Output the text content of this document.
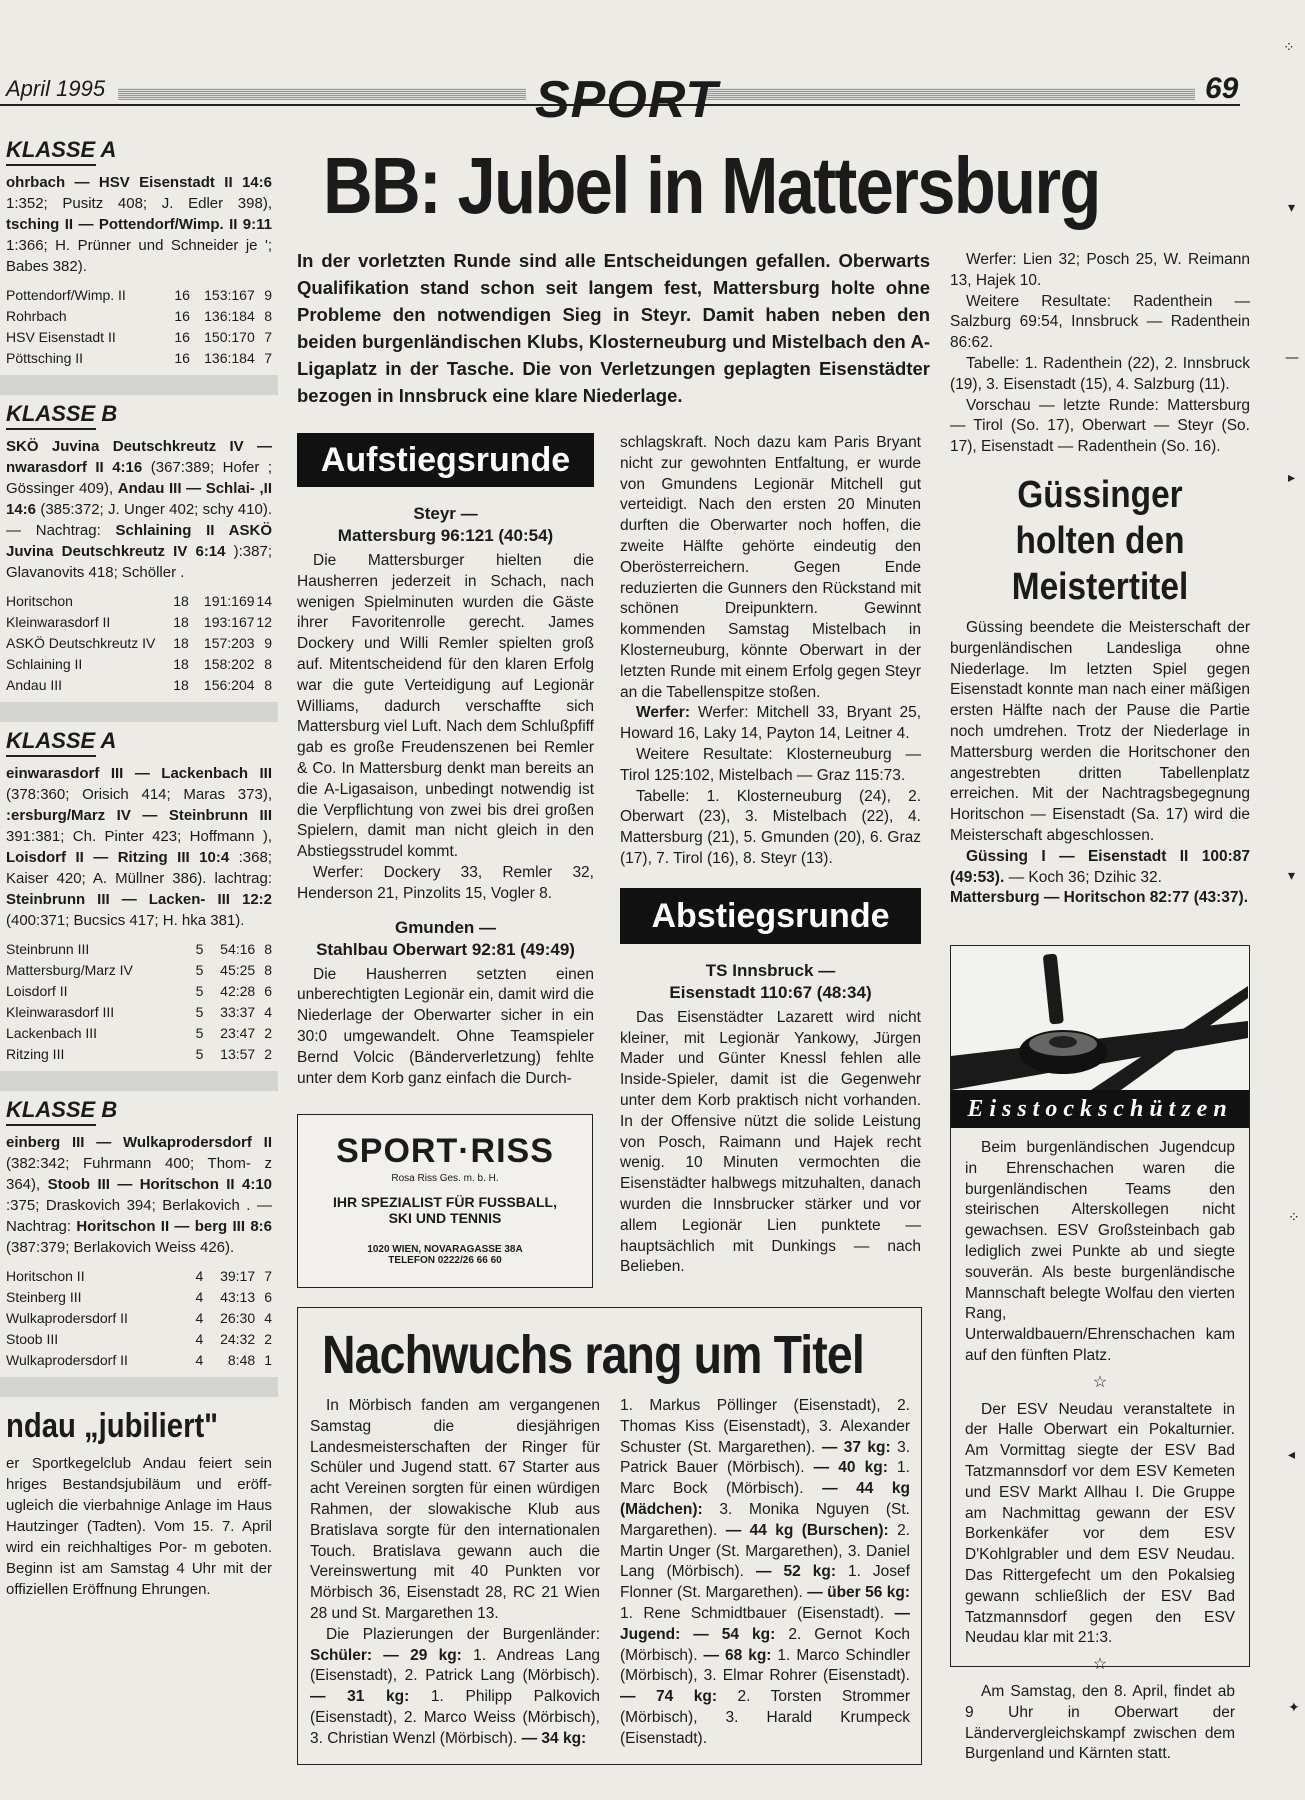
April 1995	SPORT	69
KLASSE A
ohrbach — HSV Eisenstadt II 14:6 1:352; Pusitz 408; J. Edler 398), tsching II — Pottendorf/Wimp. II 9:11 1:366; H. Prünner und Schneider je '; Babes 382).
Pottendorf/Wimp. II	16	153:167	9
Rohrbach	16	136:184	8
HSV Eisenstadt II	16	150:170	7
Pöttsching II	16	136:184	7
KLASSE B
SKÖ Juvina Deutschkreutz IV — nwarasdorf II 4:16 (367:389; Hofer ; Gössinger 409), Andau III — Schlai- ,II 14:6 (385:372; J. Unger 402; schy 410). — Nachtrag: Schlaining II ASKÖ Juvina Deutschkreutz IV 6:14 ):387; Glavanovits 418; Schöller .
Horitschon	18	191:169	14
Kleinwarasdorf II	18	193:167	12
ASKÖ Deutschkreutz IV	18	157:203	9
Schlaining II	18	158:202	8
Andau III	18	156:204	8
KLASSE A
einwarasdorf III — Lackenbach III (378:360; Orisich 414; Maras 373), :ersburg/Marz IV — Steinbrunn III 391:381; Ch. Pinter 423; Hoffmann ), Loisdorf II — Ritzing III 10:4 :368; Kaiser 420; A. Müllner 386). lachtrag: Steinbrunn III — Lacken- III 12:2 (400:371; Bucsics 417; H. hka 381).
Steinbrunn III	5	54:16	8
Mattersburg/Marz IV	5	45:25	8
Loisdorf II	5	42:28	6
Kleinwarasdorf III	5	33:37	4
Lackenbach III	5	23:47	2
Ritzing III	5	13:57	2
KLASSE B
einberg III — Wulkaprodersdorf II (382:342; Fuhrmann 400; Thom- z 364), Stoob III — Horitschon II 4:10 :375; Draskovich 394; Berlakovich . — Nachtrag: Horitschon II — berg III 8:6 (387:379; Berlakovich Weiss 426).
Horitschon II	4	39:17	7
Steinberg III	4	43:13	6
Wulkaprodersdorf II	4	26:30	4
Stoob III	4	24:32	2
Wulkaprodersdorf II	4	8:48	1
ndau „jubiliert"
er Sportkegelclub Andau feiert sein hriges Bestandsjubiläum und eröff- ugleich die vierbahnige Anlage im Haus Hautzinger (Tadten). Vom 15. 7. April wird ein reichhaltiges Por- m geboten. Beginn ist am Samstag 4 Uhr mit der offiziellen Eröffnung Ehrungen.
BB: Jubel in Mattersburg
In der vorletzten Runde sind alle Entscheidungen gefallen. Oberwarts Qualifikation stand schon seit langem fest, Mattersburg holte ohne Probleme den notwendigen Sieg in Steyr. Damit haben neben den beiden burgenländischen Klubs, Klosterneuburg und Mistelbach den A-Ligaplatz in der Tasche. Die von Verletzungen geplagten Eisenstädter bezogen in Innsbruck eine klare Niederlage.
Aufstiegsrunde
Steyr —
Mattersburg 96:121 (40:54)

Die Mattersburger hielten die Hausherren jederzeit in Schach, nach wenigen Spielminuten wurden die Gäste ihrer Favoritenrolle gerecht. James Dockery und Willi Remler spielten groß auf. Mitentscheidend für den klaren Erfolg war die gute Verteidigung auf Legionär Williams, dadurch verschaffte sich Mattersburg viel Luft. Nach dem Schlußpfiff gab es große Freudenszenen bei Remler & Co. In Mattersburg denkt man bereits an die A-Ligasaison, unbedingt notwendig ist die Verpflichtung von zwei bis drei großen Spielern, damit man nicht gleich in den Abstiegsstrudel kommt.

Werfer: Dockery 33, Remler 32, Henderson 21, Pinzolits 15, Vogler 8.

Gmunden —
Stahlbau Oberwart 92:81 (49:49)

Die Hausherren setzten einen unberechtigten Legionär ein, damit wird die Niederlage der Oberwarter sicher in ein 30:0 umgewandelt. Ohne Teamspieler Bernd Volcic (Bänderverletzung) fehlte unter dem Korb ganz einfach die Durch-

SPORT·RISS
Rosa Riss Ges. m. b. H.
IHR SPEZIALIST FÜR FUSSBALL,
SKI UND TENNIS
1020 WIEN, NOVARAGASSE 38A
TELEFON 0222/26 66 60

schlagskraft. Noch dazu kam Paris Bryant nicht zur gewohnten Entfaltung, er wurde von Gmundens Legionär Mitchell gut verteidigt. Nach den ersten 20 Minuten durften die Oberwarter noch hoffen, die zweite Hälfte gehörte eindeutig den Oberösterreichern. Gegen Ende reduzierten die Gunners den Rückstand mit schönen Dreipunktern. Gewinnt kommenden Samstag Mistelbach in Klosterneuburg, könnte Oberwart in der letzten Runde mit einem Erfolg gegen Steyr an die Tabellenspitze stoßen.

Werfer: Werfer: Mitchell 33, Bryant 25, Howard 16, Laky 14, Payton 14, Leitner 4.

Weitere Resultate: Klosterneuburg — Tirol 125:102, Mistelbach — Graz 115:73.

Tabelle: 1. Klosterneuburg (24), 2. Oberwart (23), 3. Mistelbach (22), 4. Mattersburg (21), 5. Gmunden (20), 6. Graz (17), 7. Tirol (16), 8. Steyr (13).

Abstiegsrunde
TS Innsbruck —
Eisenstadt 110:67 (48:34)

Das Eisenstädter Lazarett wird nicht kleiner, mit Legionär Yankowy, Jürgen Mader und Günter Knessl fehlen alle Inside-Spieler, damit ist die Gegenwehr unter dem Korb praktisch nicht vorhanden. In der Offensive nützt die solide Leistung von Posch, Raimann und Hajek recht wenig. 10 Minuten vermochten die Eisenstädter halbwegs mitzuhalten, danach wurden die Innsbrucker stärker und vor allem Legionär Lien punktete — hauptsächlich mit Dunkings — nach Belieben.

Werfer: Lien 32; Posch 25, W. Reimann 13, Hajek 10.

Weitere Resultate: Radenthein — Salzburg 69:54, Innsbruck — Radenthein 86:62.

Tabelle: 1. Radenthein (22), 2. Innsbruck (19), 3. Eisenstadt (15), 4. Salzburg (11).

Vorschau — letzte Runde: Mattersburg — Tirol (So. 17), Oberwart — Steyr (So. 17), Eisenstadt — Radenthein (So. 16).

Güssinger holten den Meistertitel

Güssing beendete die Meisterschaft der burgenländischen Landesliga ohne Niederlage. Im letzten Spiel gegen Eisenstadt konnte man nach einer mäßigen ersten Hälfte nach der Pause die Partie noch umdrehen. Trotz der Niederlage in Mattersburg werden die Horitschoner den angestrebten dritten Tabellenplatz erreichen. Mit der Nachtragsbegegnung Horitschon — Eisenstadt (Sa. 17) wird die Meisterschaft abgeschlossen.

Güssing I — Eisenstadt II 100:87 (49:53). — Koch 36; Dzihic 32.

Mattersburg — Horitschon 82:77 (43:37).

Eisstockschützen

Beim burgenländischen Jugendcup in Ehrenschachen waren die burgenländischen Teams den steirischen Alterskollegen nicht gewachsen. ESV Großsteinbach gab lediglich zwei Punkte ab und siegte souverän. Als beste burgenländische Mannschaft belegte Wolfau den vierten Rang, Unterwaldbauern/Ehrenschachen kam auf den fünften Platz.

☆

Der ESV Neudau veranstaltete in der Halle Oberwart ein Pokalturnier. Am Vormittag siegte der ESV Bad Tatzmannsdorf vor dem ESV Kemeten und ESV Markt Allhau I. Die Gruppe am Nachmittag gewann der ESV Borkenkäfer vor dem ESV D'Kohlgrabler und dem ESV Neudau. Das Rittergefecht um den Pokalsieg gewann schließlich der ESV Bad Tatzmannsdorf gegen den ESV Neudau klar mit 21:3.

☆

Am Samstag, den 8. April, findet ab 9 Uhr in Oberwart der Ländervergleichskampf zwischen dem Burgenland und Kärnten statt.

Nachwuchs rang um Titel

In Mörbisch fanden am vergangenen Samstag die diesjährigen Landesmeisterschaften der Ringer für Schüler und Jugend statt. 67 Starter aus acht Vereinen sorgten für einen würdigen Rahmen, der slowakische Klub aus Bratislava sorgte für den internationalen Touch. Bratislava gewann auch die Vereinswertung mit 40 Punkten vor Mörbisch 36, Eisenstadt 28, RC 21 Wien 28 und St. Margarethen 13.

Die Plazierungen der Burgenländer: Schüler: — 29 kg: 1. Andreas Lang (Eisenstadt), 2. Patrick Lang (Mörbisch). — 31 kg: 1. Philipp Palkovich (Eisenstadt), 2. Marco Weiss (Mörbisch), 3. Christian Wenzl (Mörbisch). — 34 kg:

1. Markus Pöllinger (Eisenstadt), 2. Thomas Kiss (Eisenstadt), 3. Alexander Schuster (St. Margarethen). — 37 kg: 3. Patrick Bauer (Mörbisch). — 40 kg: 1. Marc Bock (Mörbisch). — 44 kg (Mädchen): 3. Monika Nguyen (St. Margarethen). — 44 kg (Burschen): 2. Martin Unger (St. Margarethen), 3. Daniel Lang (Mörbisch). — 52 kg: 1. Josef Flonner (St. Margarethen). — über 56 kg: 1. Rene Schmidtbauer (Eisenstadt). — Jugend: — 54 kg: 2. Gernot Koch (Mörbisch). — 68 kg: 1. Marco Schindler (Mörbisch), 3. Elmar Rohrer (Eisenstadt). — 74 kg: 2. Torsten Strommer (Mörbisch), 3. Harald Krumpeck (Eisenstadt).

⁘
▾
—
▸
▾
⁘
◂
✦
